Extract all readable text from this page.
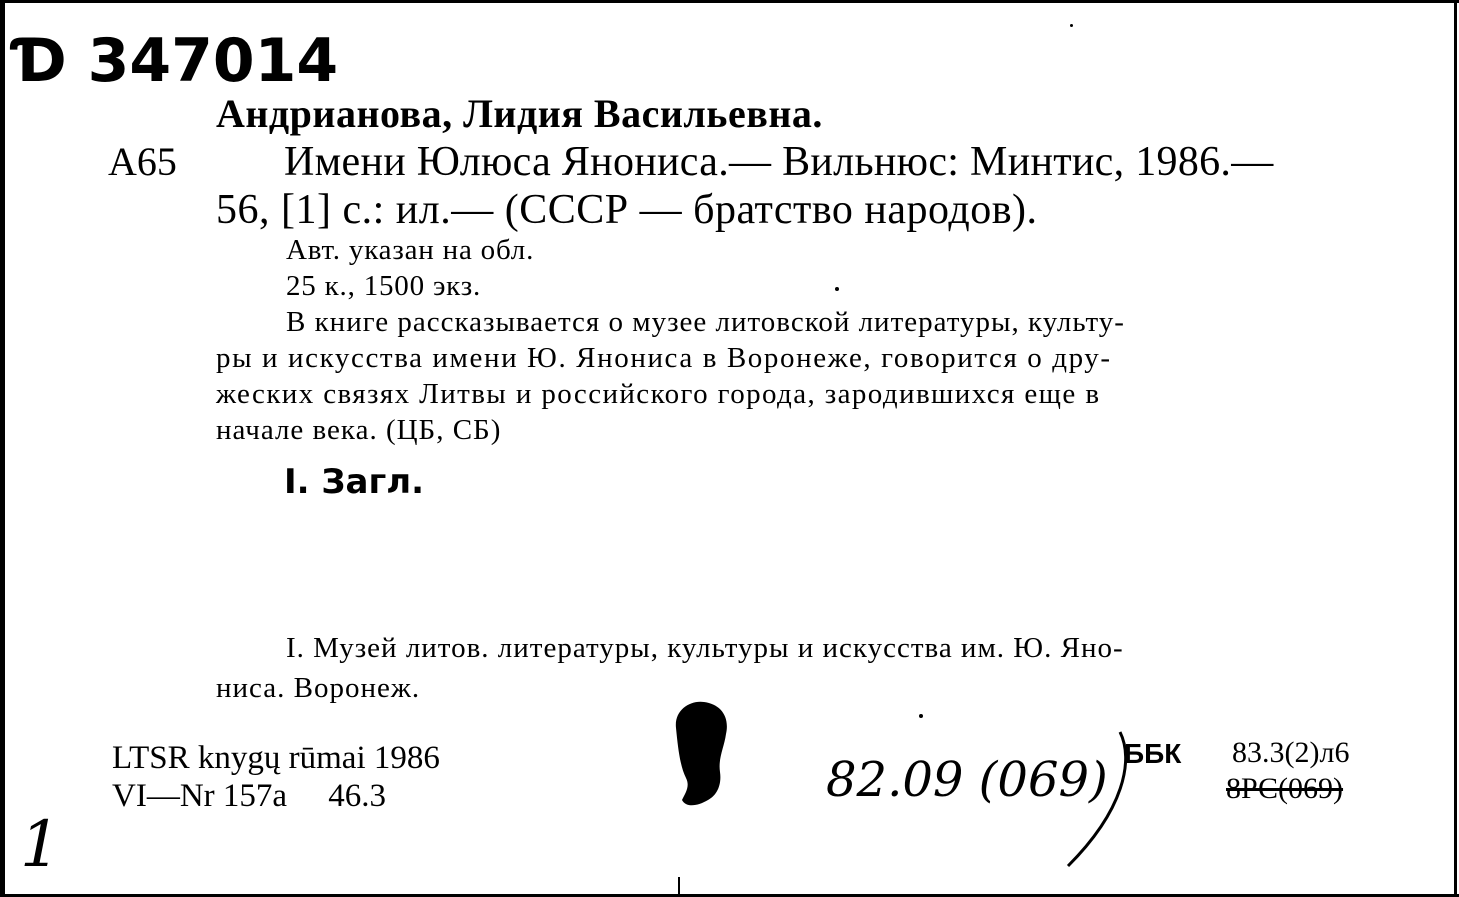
Ɗ 347014
Андрианова, Лидия Васильевна.
А65	Имени Юлюса Янониса.— Вильнюс: Минтис, 1986.—
56, [1] с.: ил.— (СССР — братство народов).
Авт. указан на обл.
25 к., 1500 экз.
В книге рассказывается о музее литовской литературы, культу-
ры и искусства имени Ю. Янониса в Воронеже, говорится о дру-
жеских связях Литвы и российского города, зародившихся еще в
начале века. (ЦБ, СБ)
I. Загл.
I. Музей литов. литературы, культуры и искусства им. Ю. Яно-
ниса. Воронеж.
LTSR knygų rūmai 1986
VI—Nr 157a     46.3	82.09 (069) ББК 83.3(2)л6
8РС(069)
1
